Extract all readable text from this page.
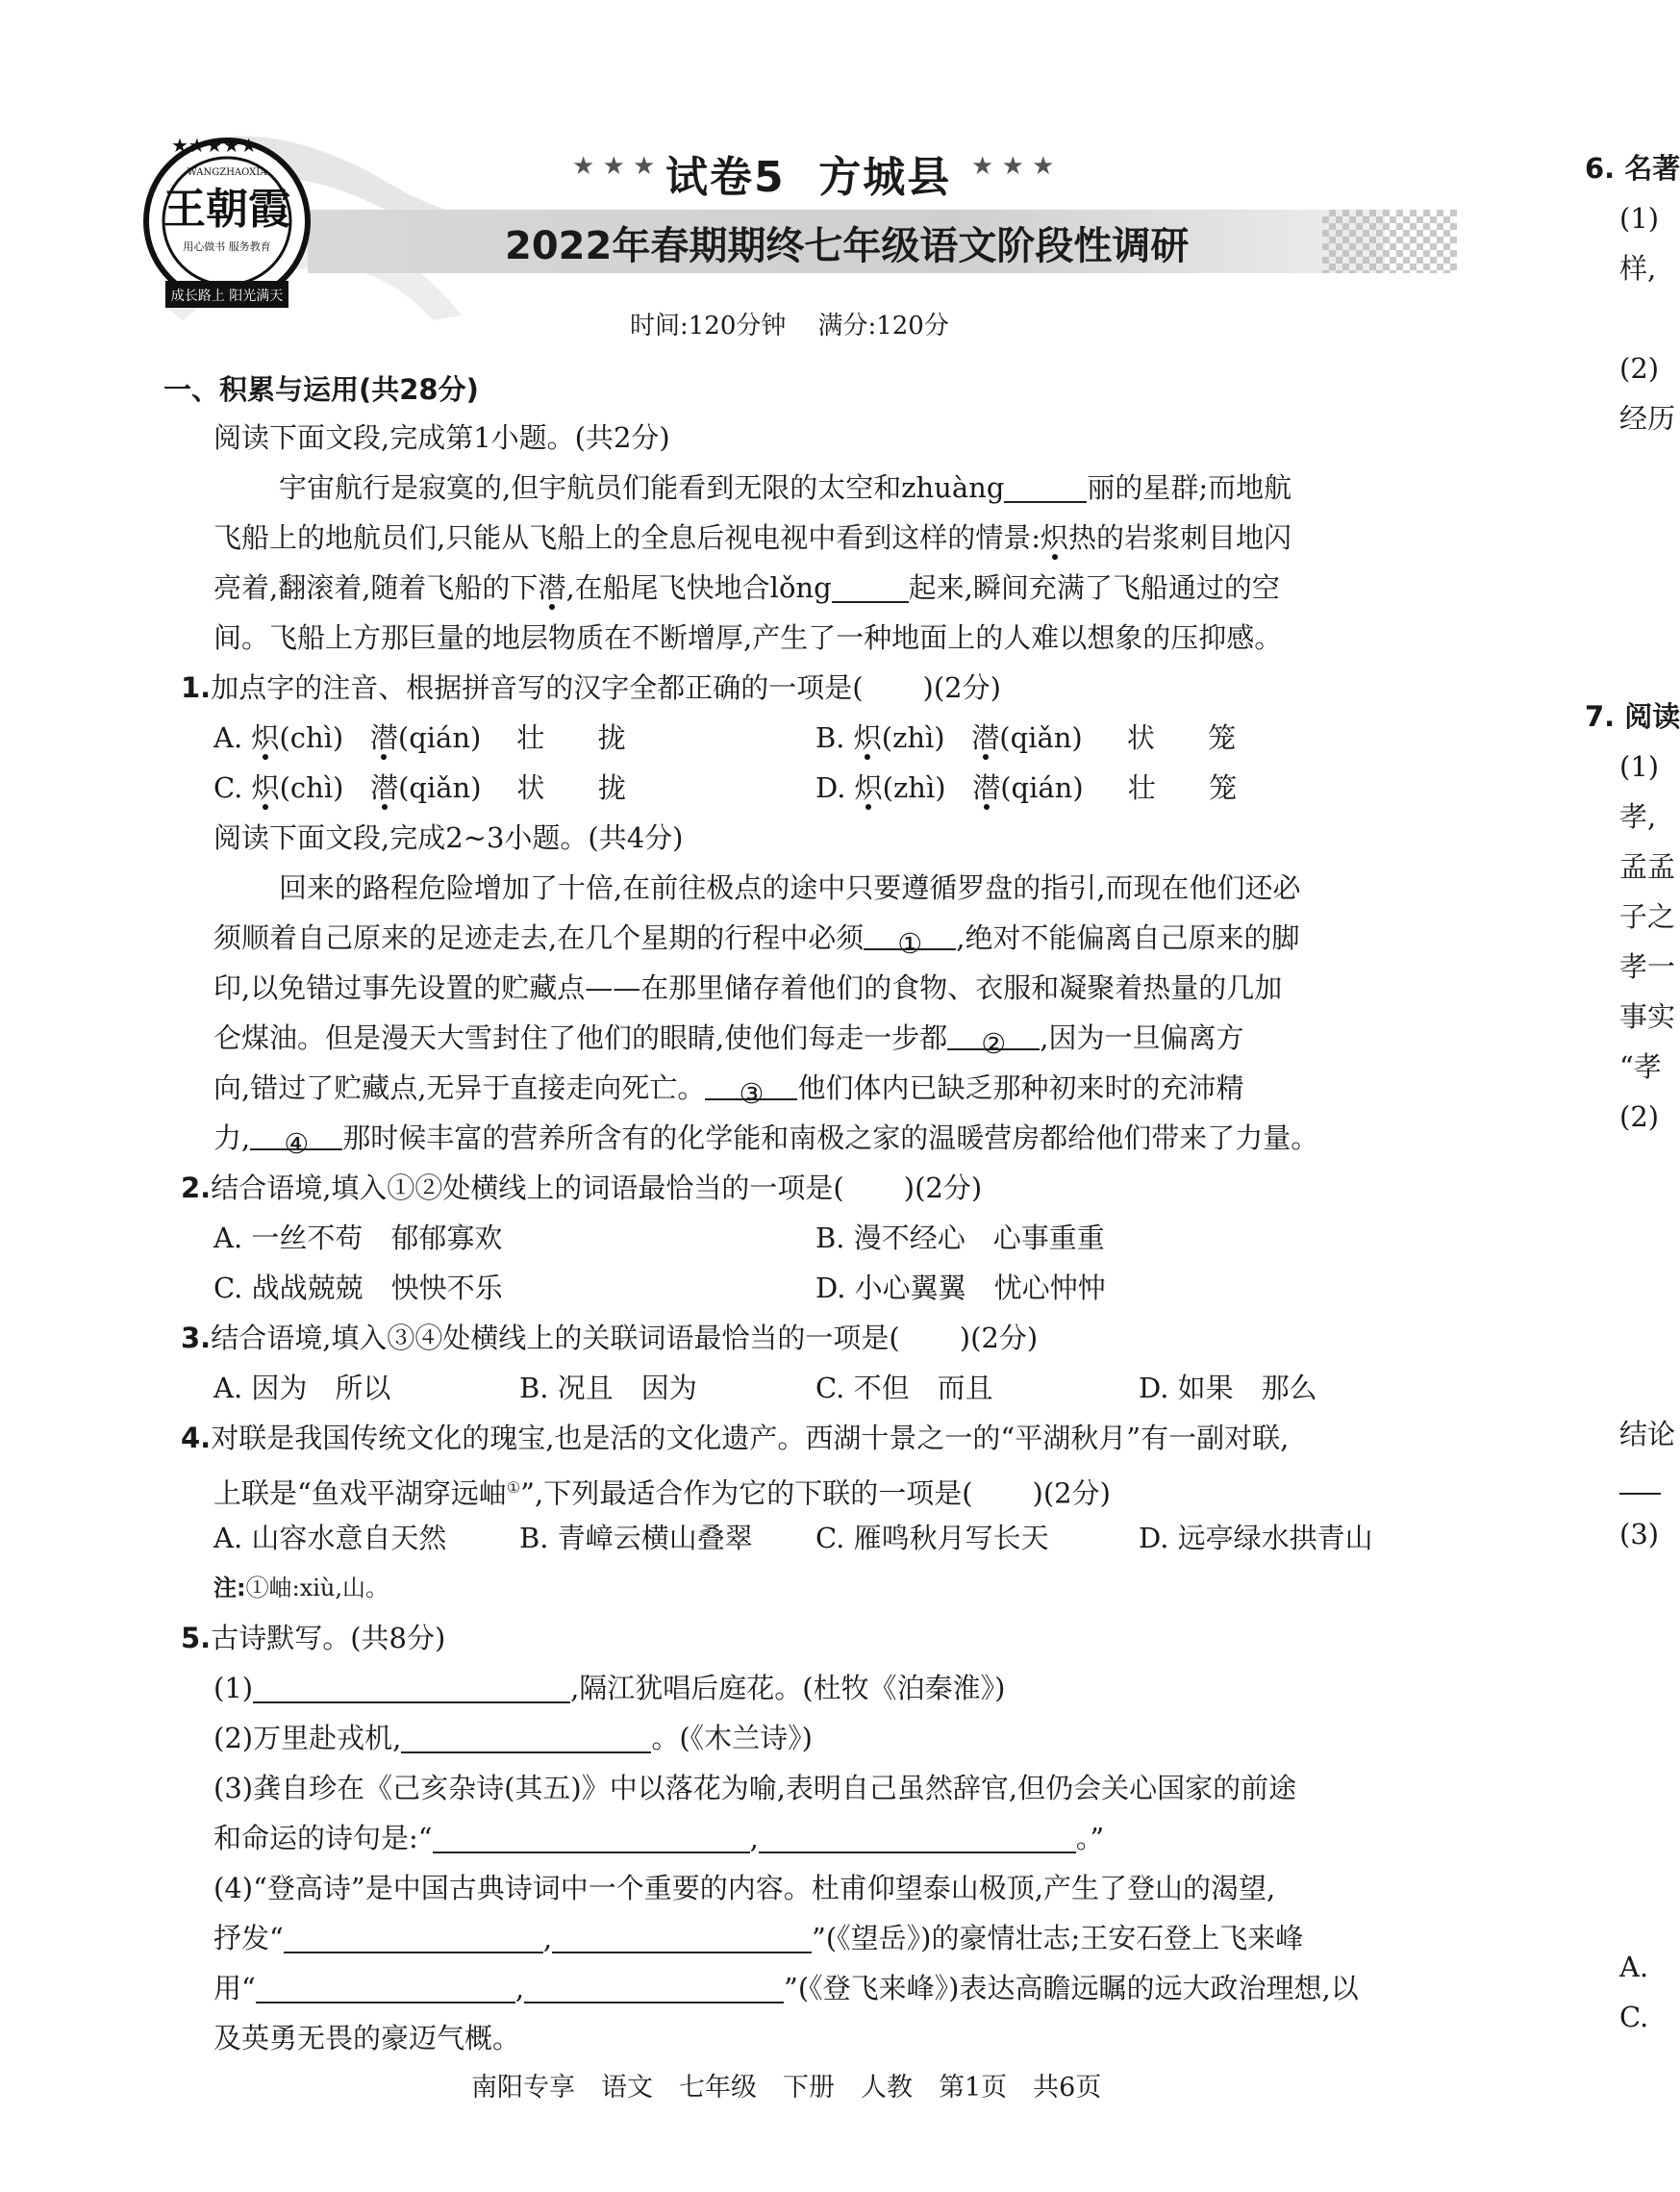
★★★★★
王朝霞
用心做书 服务教育
成长路上 阳光满天
WANGZHAOXIA	★ ★ ★ 试卷5 方城县 ★ ★ ★
2022年春期期终七年级语文阶段性调研
时间:120分钟 满分:120分
一、积累与运用(共28分)
阅读下面文段,完成第1小题。(共2分)
宇宙航行是寂寞的,但宇航员们能看到无限的太空和zhuàng	丽的星群;而地航
飞船上的地航员们,只能从飞船上的全息后视电视中看到这样的情景:炽热的岩浆刺目地闪
亮着,翻滚着,随着飞船的下潜,在船尾飞快地合lǒng	起来,瞬间充满了飞船通过的空
间。飞船上方那巨量的地层物质在不断增厚,产生了一种地面上的人难以想象的压抑感。
1.加点字的注音、根据拼音写的汉字全都正确的一项是( )(2分)
A. 炽(chì) 潜(qián) 壮 拢	B. 炽(zhì) 潜(qiǎn) 状 笼
C. 炽(chì) 潜(qiǎn) 状 拢	D. 炽(zhì) 潜(qián) 壮 笼
阅读下面文段,完成2~3小题。(共4分)
回来的路程危险增加了十倍,在前往极点的途中只要遵循罗盘的指引,而现在他们还必
须顺着自己原来的足迹走去,在几个星期的行程中必须 ① ,绝对不能偏离自己原来的脚
印,以免错过事先设置的贮藏点——在那里储存着他们的食物、衣服和凝聚着热量的几加
仑煤油。但是漫天大雪封住了他们的眼睛,使他们每走一步都 ② ,因为一旦偏离方
向,错过了贮藏点,无异于直接走向死亡。 ③ 他们体内已缺乏那种初来时的充沛精
力, ④ 那时候丰富的营养所含有的化学能和南极之家的温暖营房都给他们带来了力量。
2.结合语境,填入①②处横线上的词语最恰当的一项是( )(2分)
A. 一丝不苟　郁郁寡欢	B. 漫不经心　心事重重
C. 战战兢兢　怏怏不乐	D. 小心翼翼　忧心忡忡
3.结合语境,填入③④处横线上的关联词语最恰当的一项是( )(2分)
A. 因为　所以	B. 况且　因为	C. 不但　而且	D. 如果　那么
4.对联是我国传统文化的瑰宝,也是活的文化遗产。西湖十景之一的“平湖秋月”有一副对联,
上联是“鱼戏平湖穿远岫①”,下列最适合作为它的下联的一项是( )(2分)
A. 山容水意自天然	B. 青嶂云横山叠翠 C. 雁鸣秋月写长天	D. 远亭绿水拱青山
注:①岫:xiù,山。
5.古诗默写。(共8分)
(1)	,隔江犹唱后庭花。(杜牧《泊秦淮》)
(2)万里赴戎机,	。(《木兰诗》)
(3)龚自珍在《己亥杂诗(其五)》中以落花为喻,表明自己虽然辞官,但仍会关心国家的前途
和命运的诗句是:“	,	。”
(4)“登高诗”是中国古典诗词中一个重要的内容。杜甫仰望泰山极顶,产生了登山的渴望,
抒发“	,	”(《望岳》)的豪情壮志;王安石登上飞来峰
用“	,	”(《登飞来峰》)表达高瞻远瞩的远大政治理想,以
及英勇无畏的豪迈气概。
南阳专享　语文　七年级　下册　人教　第1页　共6页
6. 名著
(1)
样,
(2)
经历
7. 阅读
(1)
孝,
孟孟
子之
孝一
事实
“孝
(2)
结论
(3)
A.
C.
